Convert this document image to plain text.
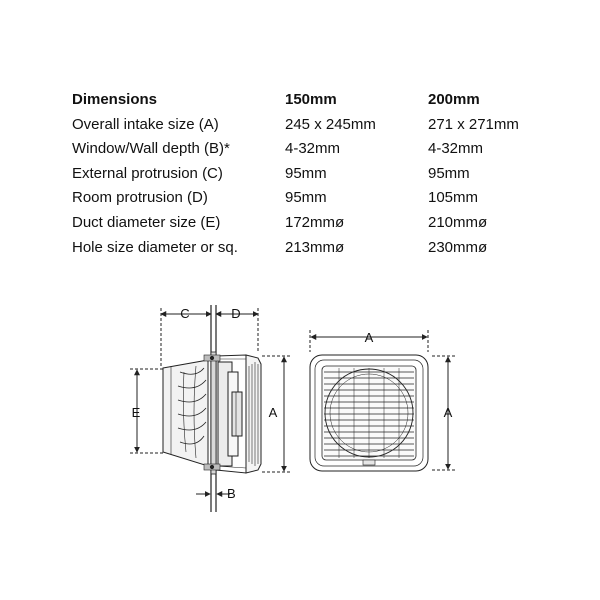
Dimensions	150mm	200mm
Overall intake size (A)	245 x 245mm	271 x 271mm
Window/Wall depth (B)*	4-32mm	4-32mm
External protrusion (C)	95mm	95mm
Room protrusion (D)	95mm	105mm
Duct diameter size (E)	172mmø	210mmø
Hole size diameter or sq.	213mmø	230mmø
C	D
E	A
B
A
A
